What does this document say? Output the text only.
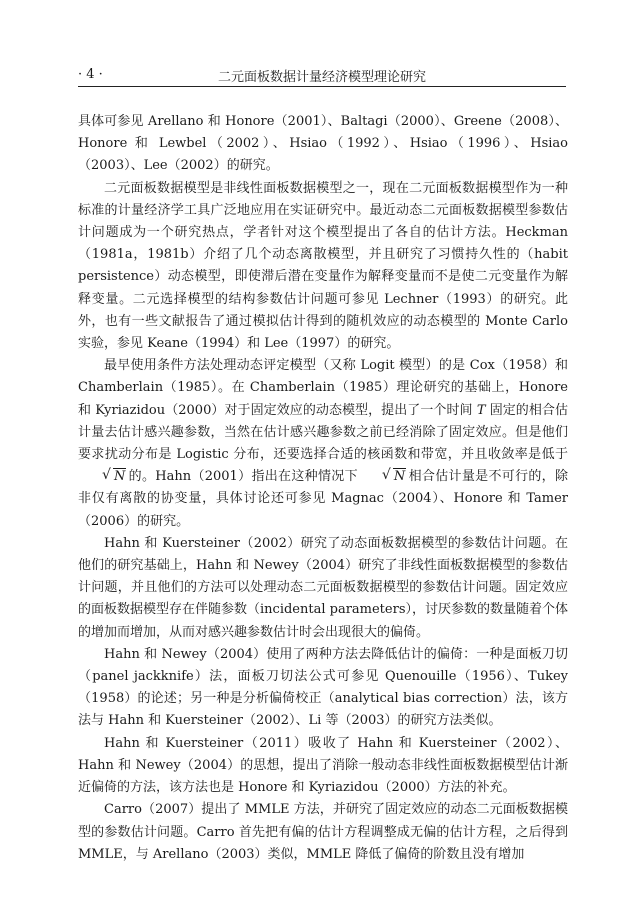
· 4 ·	二元面板数据计量经济模型理论研究

具体可参见 Arellano 和 Honore（2001）、Baltagi（2000）、Greene（2008）、Honore 和 Lewbel（2002）、Hsiao（1992）、Hsiao（1996）、Hsiao（2003）、Lee（2002）的研究。

二元面板数据模型是非线性面板数据模型之一，现在二元面板数据模型作为一种标准的计量经济学工具广泛地应用在实证研究中。最近动态二元面板数据模型参数估计问题成为一个研究热点，学者针对这个模型提出了各自的估计方法。Heckman（1981a，1981b）介绍了几个动态离散模型，并且研究了习惯持久性的（habit persistence）动态模型，即使滞后潜在变量作为解释变量而不是使二元变量作为解释变量。二元选择模型的结构参数估计问题可参见 Lechner（1993）的研究。此外，也有一些文献报告了通过模拟估计得到的随机效应的动态模型的 Monte Carlo 实验，参见 Keane（1994）和 Lee（1997）的研究。

最早使用条件方法处理动态评定模型（又称 Logit 模型）的是 Cox（1958）和 Chamberlain（1985）。在 Chamberlain（1985）理论研究的基础上，Honore 和 Kyriazidou（2000）对于固定效应的动态模型，提出了一个时间 T 固定的相合估计量去估计感兴趣参数，当然在估计感兴趣参数之前已经消除了固定效应。但是他们要求扰动分布是 Logistic 分布，还要选择合适的核函数和带宽，并且收敛率是低于√ N 的。Hahn（2001）指出在这种情况下√	N 相合估计量是不可行的，除非仅有离散的协变量，具体讨论还可参见 Magnac（2004）、Honore 和 Tamer（2006）的研究。

Hahn 和 Kuersteiner（2002）研究了动态面板数据模型的参数估计问题。在他们的研究基础上，Hahn 和 Newey（2004）研究了非线性面板数据模型的参数估计问题，并且他们的方法可以处理动态二元面板数据模型的参数估计问题。固定效应的面板数据模型存在伴随参数（incidental parameters），讨厌参数的数量随着个体的增加而增加，从而对感兴趣参数估计时会出现很大的偏倚。

Hahn 和 Newey（2004）使用了两种方法去降低估计的偏倚：一种是面板刀切（panel jackknife）法，面板刀切法公式可参见 Quenouille（1956）、Tukey（1958）的论述；另一种是分析偏倚校正（analytical bias correction）法，该方法与 Hahn 和 Kuersteiner（2002）、Li 等（2003）的研究方法类似。

Hahn 和 Kuersteiner（2011）吸收了 Hahn 和 Kuersteiner（2002）、Hahn 和 Newey（2004）的思想，提出了消除一般动态非线性面板数据模型估计渐近偏倚的方法，该方法也是 Honore 和 Kyriazidou（2000）方法的补充。

Carro（2007）提出了 MMLE 方法，并研究了固定效应的动态二元面板数据模型的参数估计问题。Carro 首先把有偏的估计方程调整成无偏的估计方程，之后得到 MMLE，与 Arellano（2003）类似，MMLE 降低了偏倚的阶数且没有增加
